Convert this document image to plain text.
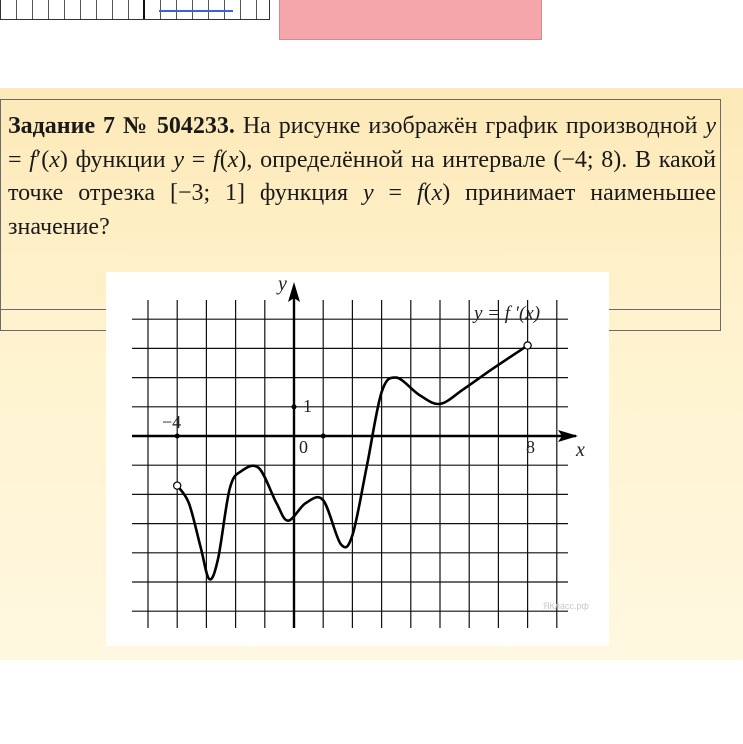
Задание 7 № 504233. На рисунке изображён график производной y = f′(x) функции y = f(x), определённой на интервале (−4; 8). В какой точке отрезка [−3; 1] функция y = f(x) принимает наименьшее значение?
y
x
−4
0
1
8
y = f ′(x)
ЯКласс.рф
